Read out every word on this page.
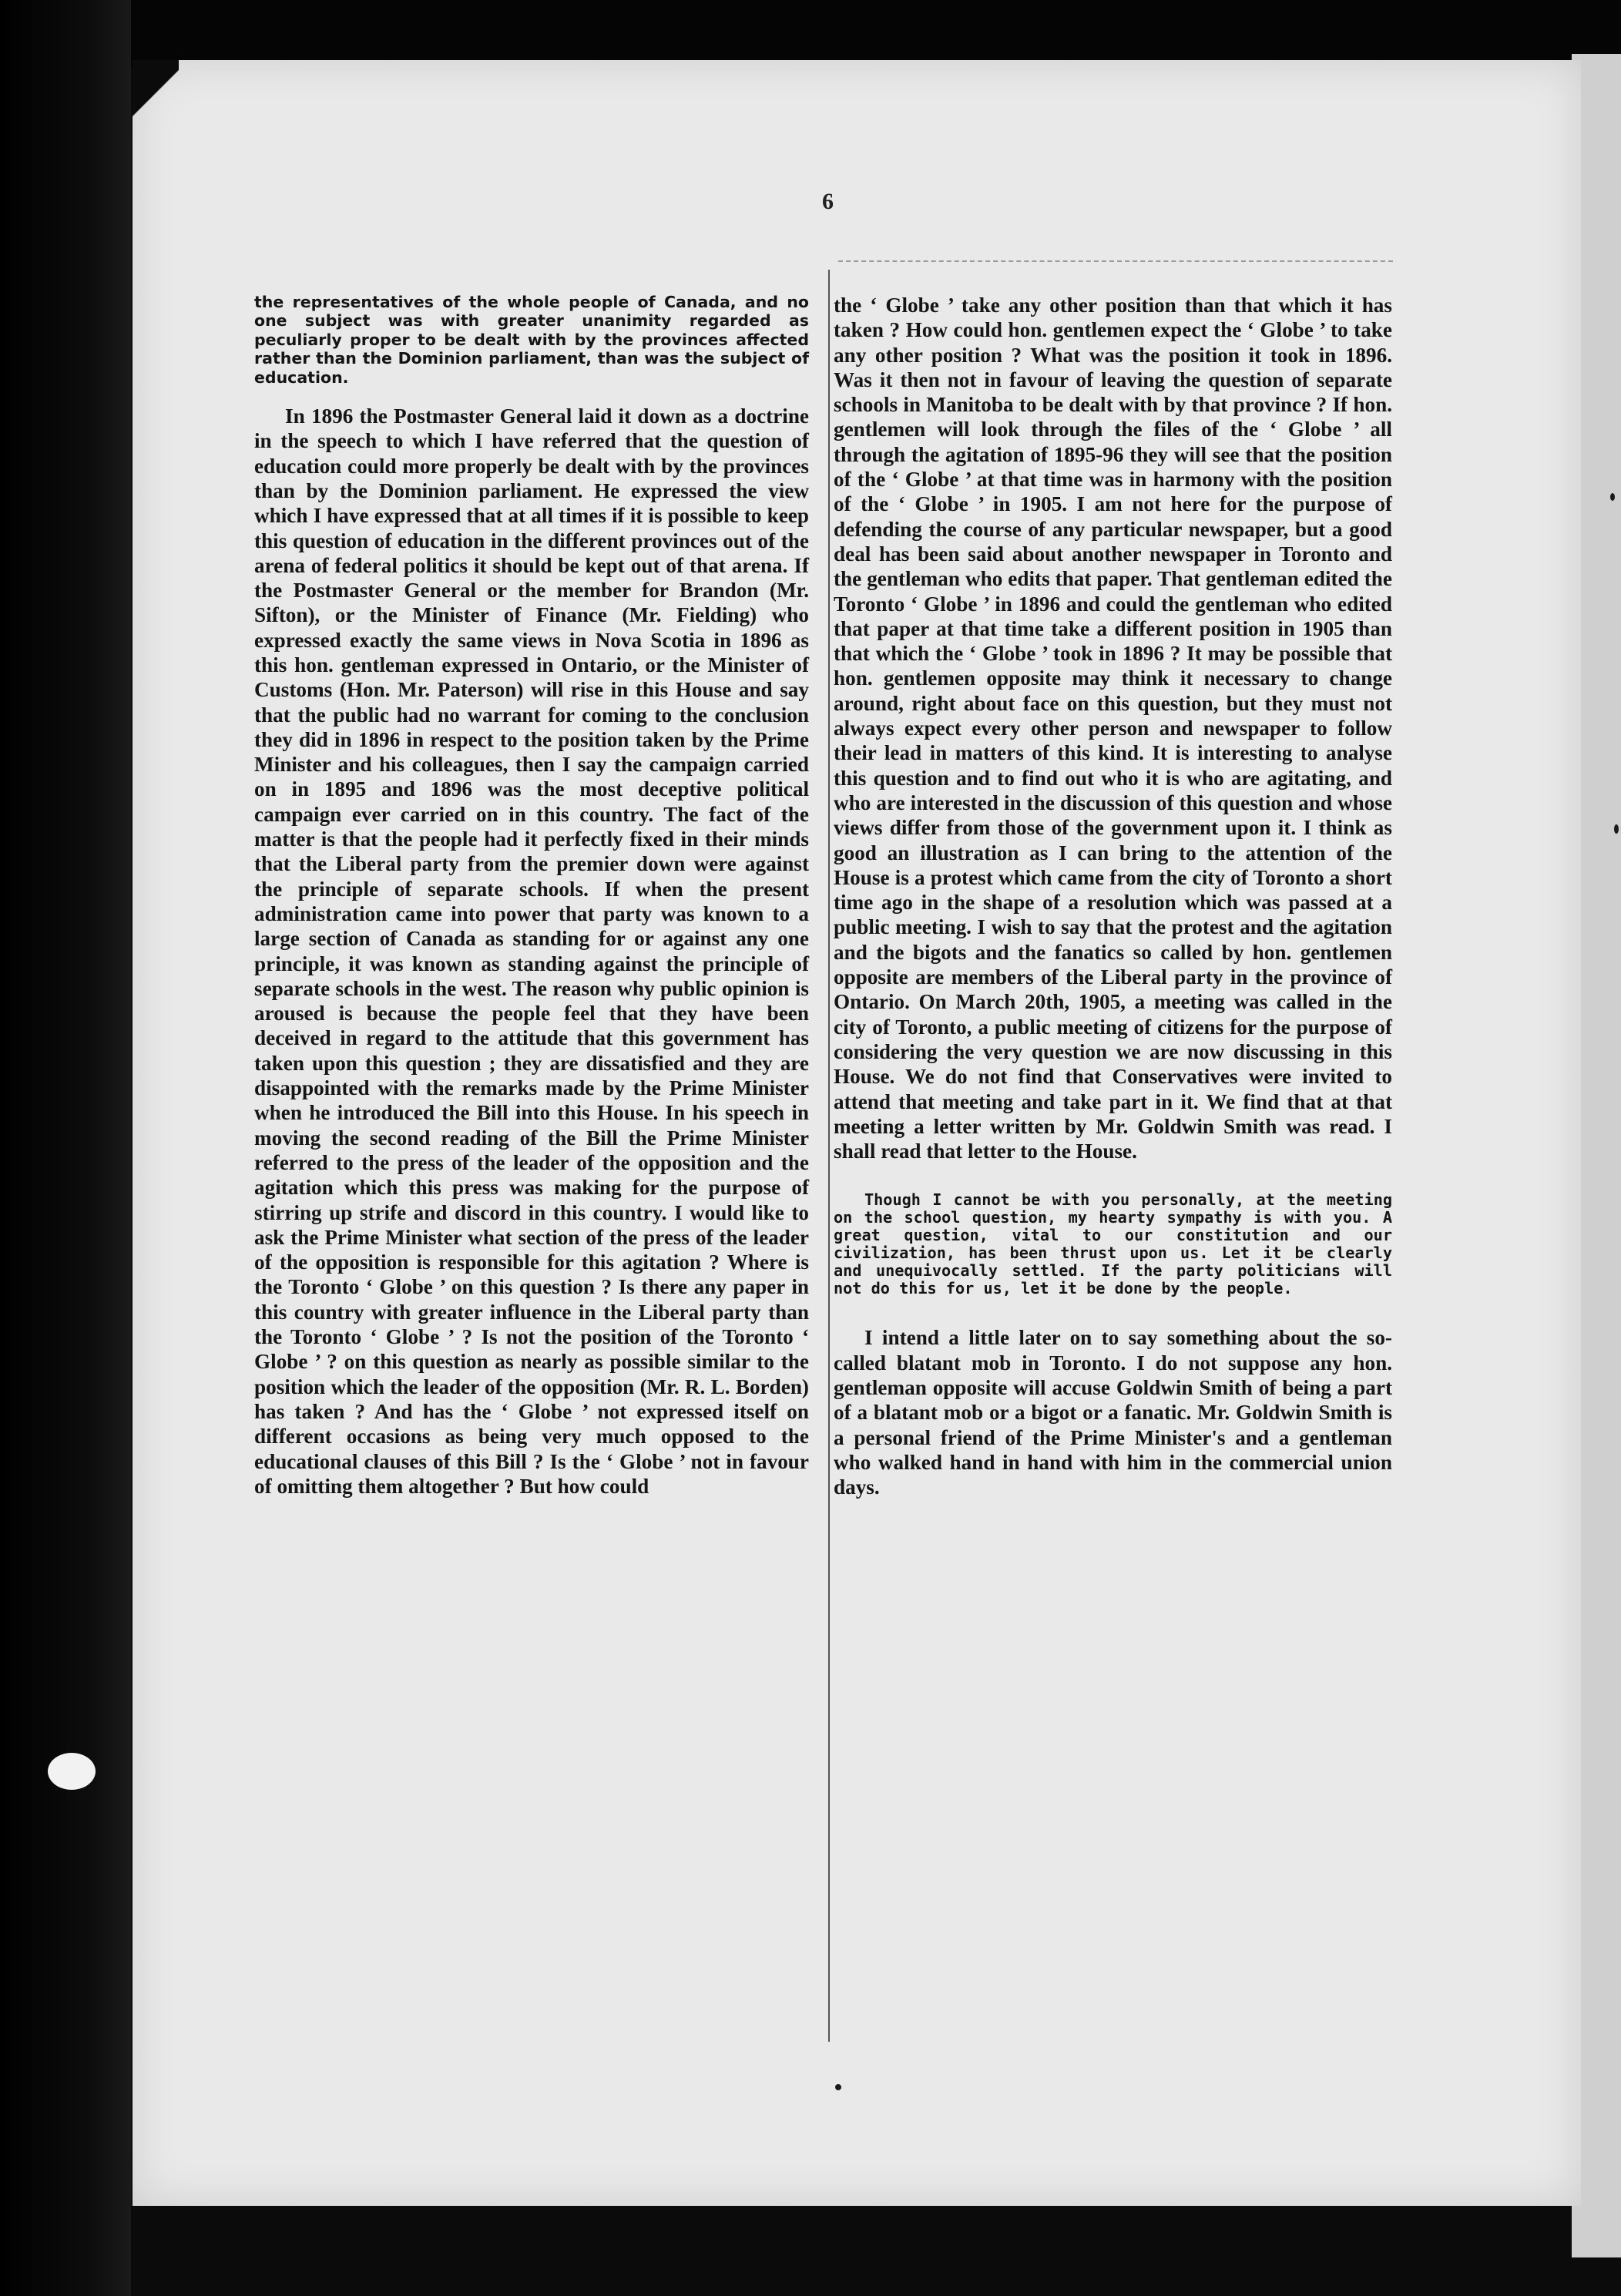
6

the representatives of the whole people of Canada, and no one subject was with greater unanimity regarded as peculiarly proper to be dealt with by the provinces affected rather than the Dominion parliament, than was the subject of education.

In 1896 the Postmaster General laid it down as a doctrine in the speech to which I have referred that the question of education could more properly be dealt with by the provinces than by the Dominion parliament. He expressed the view which I have expressed that at all times if it is possible to keep this question of education in the different provinces out of the arena of federal politics it should be kept out of that arena. If the Postmaster General or the member for Brandon (Mr. Sifton), or the Minister of Finance (Mr. Fielding) who expressed exactly the same views in Nova Scotia in 1896 as this hon. gentleman expressed in Ontario, or the Minister of Customs (Hon. Mr. Paterson) will rise in this House and say that the public had no warrant for coming to the conclusion they did in 1896 in respect to the position taken by the Prime Minister and his colleagues, then I say the campaign carried on in 1895 and 1896 was the most deceptive political campaign ever carried on in this country. The fact of the matter is that the people had it perfectly fixed in their minds that the Liberal party from the premier down were against the principle of separate schools. If when the present administration came into power that party was known to a large section of Canada as standing for or against any one principle, it was known as standing against the principle of separate schools in the west. The reason why public opinion is aroused is because the people feel that they have been deceived in regard to the attitude that this government has taken upon this question ; they are dissatisfied and they are disappointed with the remarks made by the Prime Minister when he introduced the Bill into this House. In his speech in moving the second reading of the Bill the Prime Minister referred to the press of the leader of the opposition and the agitation which this press was making for the purpose of stirring up strife and discord in this country. I would like to ask the Prime Minister what section of the press of the leader of the opposition is responsible for this agitation ? Where is the Toronto ‘ Globe ’ on this question ? Is there any paper in this country with greater influence in the Liberal party than the Toronto ‘ Globe ’ ? Is not the position of the Toronto ‘ Globe ’ ? on this question as nearly as possible similar to the position which the leader of the opposition (Mr. R. L. Borden) has taken ? And has the ‘ Globe ’ not expressed itself on different occasions as being very much opposed to the educational clauses of this Bill ? Is the ‘ Globe ’ not in favour of omitting them altogether ? But how could

the ‘ Globe ’ take any other position than that which it has taken ? How could hon. gentlemen expect the ‘ Globe ’ to take any other position ? What was the position it took in 1896. Was it then not in favour of leaving the question of separate schools in Manitoba to be dealt with by that province ? If hon. gentlemen will look through the files of the ‘ Globe ’ all through the agitation of 1895-96 they will see that the position of the ‘ Globe ’ at that time was in harmony with the position of the ‘ Globe ’ in 1905. I am not here for the purpose of defending the course of any particular newspaper, but a good deal has been said about another newspaper in Toronto and the gentleman who edits that paper. That gentleman edited the Toronto ‘ Globe ’ in 1896 and could the gentleman who edited that paper at that time take a different position in 1905 than that which the ‘ Globe ’ took in 1896 ? It may be possible that hon. gentlemen opposite may think it necessary to change around, right about face on this question, but they must not always expect every other person and newspaper to follow their lead in matters of this kind. It is interesting to analyse this question and to find out who it is who are agitating, and who are interested in the discussion of this question and whose views differ from those of the government upon it. I think as good an illustration as I can bring to the attention of the House is a protest which came from the city of Toronto a short time ago in the shape of a resolution which was passed at a public meeting. I wish to say that the protest and the agitation and the bigots and the fanatics so called by hon. gentlemen opposite are members of the Liberal party in the province of Ontario. On March 20th, 1905, a meeting was called in the city of Toronto, a public meeting of citizens for the purpose of considering the very question we are now discussing in this House. We do not find that Conservatives were invited to attend that meeting and take part in it. We find that at that meeting a letter written by Mr. Goldwin Smith was read. I shall read that letter to the House.

Though I cannot be with you personally, at the meeting on the school question, my hearty sympathy is with you. A great question, vital to our constitution and our civilization, has been thrust upon us. Let it be clearly and unequivocally settled. If the party politicians will not do this for us, let it be done by the people.

I intend a little later on to say something about the so-called blatant mob in Toronto. I do not suppose any hon. gentleman opposite will accuse Goldwin Smith of being a part of a blatant mob or a bigot or a fanatic. Mr. Goldwin Smith is a personal friend of the Prime Minister's and a gentleman who walked hand in hand with him in the commercial union days.
